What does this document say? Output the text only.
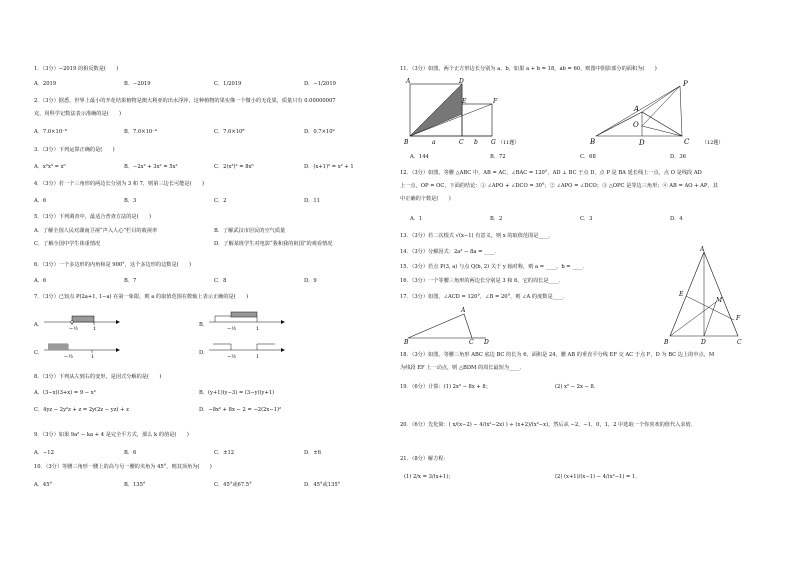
1．（3分）−2019 的相反数是(　　)
A．2019	B．−2019	C．1/2019	D．−1/2019
2．（3分）据悉，世界上最小的开花结果植物是澳大利亚的出水浮萍，这种植物的果实像一个微小的无花果，质量只有 0.00000007
克，用科学记数法表示准确的是(　　)
A．7.0×10⁻⁸	B．7.0×10⁻⁹	C．7.0×10⁸	D．0.7×10⁹
3．（3分）下列运算正确的是(　　)
A．x²x³ = x⁶	B．−2x² + 3x² = 5x²	C．2(x³)² = 8x⁶	D．(x+1)² = x² + 1
4．（3分）若一个三角形的两边长分别为 3 和 7，则第三边长可能是(　　)
A．6	B．3	C．2	D．11
5．（3分）下列调查中，最适合普查方法的是(　　)
A．了解全国人民对湖南卫视“声入人心”栏目的收视率	B．了解武汉市居民的空气质量
C．了解全国中学生体重情况	D．了解某班学生对电影“我和我的祖国”的观看情况
6．（3分）一个多边形的内角和是 900°，这个多边形的边数是(　　)
A．6	B．7	C．8	D．9
7．（3分）已知点 P(2a+1, 1−a) 在第一象限，则 a 的取值范围在数轴上表示正确的是(　　)
A．
−½	1
B．
−½	1
C．
−½	1
D．
−½	1
8．（3分）下列从左到右的变形，是因式分解的是(　　)
A．(3−x)(3+x) = 9 − x²	B．(y+1)(y−3) = (3−y)(y+1)
C．4yz − 2y²z + z = 2y(2z − yz) + z	D．−8x² + 8x − 2 = −2(2x−1)²
9．（3分）如果 9a² − ka + 4 是完全平方式，那么 k 的值是(　　)
A．−12	B．6	C．±12	D．±6
10．（3分）等腰三角形一腰上的高与另一腰的夹角为 45°，则其顶角为(　　)
A．45°	B．135°	C．45°或67.5°	D．45°或135°
11．（3分）如图，两个正方形边长分别为 a，b，如果 a + b = 18，ab = 60，则图中阴影部分的面积为(　　)
A	D
E	F
B	C	G
a	b	（11题）
P
A
O
B	D	C	（12题）
A．144	B．72	C．68	D．36
12．（3分）如图，等腰 △ABC 中，AB = AC，∠BAC = 120°，AD ⊥ BC 于点 D，点 P 是 BA 延长线上一点，点 O 是线段 AD
上一点，OP = OC，下面的结论：① ∠APO + ∠DCO = 30°；② ∠APO = ∠DCO；③ △OPC 是等边三角形；④ AB = AO + AP，其
中正确的个数是(　　)
A．1	B．2	C．3	D．4
13．（3分）若二次根式 √(x−1) 有意义，则 x 的取值范围是____．
14．（3分）分解因式：2a³ − 8a = ____．
15．（3分）若点 P(3, a) 与点 Q(b, 2) 关于 y 轴对称，则 a = ____，b = ____．
16．（3分）一个等腰三角形的两边长分别是 3 和 6，它的周长是____．
17．（3分）如图，∠ACD = 120°，∠B = 20°，则 ∠A 的度数是____．
A
B	C D
A
E
M
F
B	D	C
18．（3分）如图，等腰三角形 ABC 底边 BC 的长为 6，面积是 24，腰 AB 的垂直平分线 EF 交 AC 于点 F，D 为 BC 边上的中点，M
为线段 EF 上一动点，则 △BDM 的周长最短为____．
19．（6分）计算：(1) 2x³ − 8x + 8；	(2) x² − 2x − 8．
20．（6分）先化简：( x/(x−2) − 4/(x²−2x) ) ÷ (x+2)/(x²−x)，然后从 −2，−1，0，1，2 中选取一个你喜欢的值代入求值．
21．（8分）解方程：
(1) 2/x = 3/(x+1)；	(2) (x+1)/(x−1) − 4/(x²−1) = 1．
